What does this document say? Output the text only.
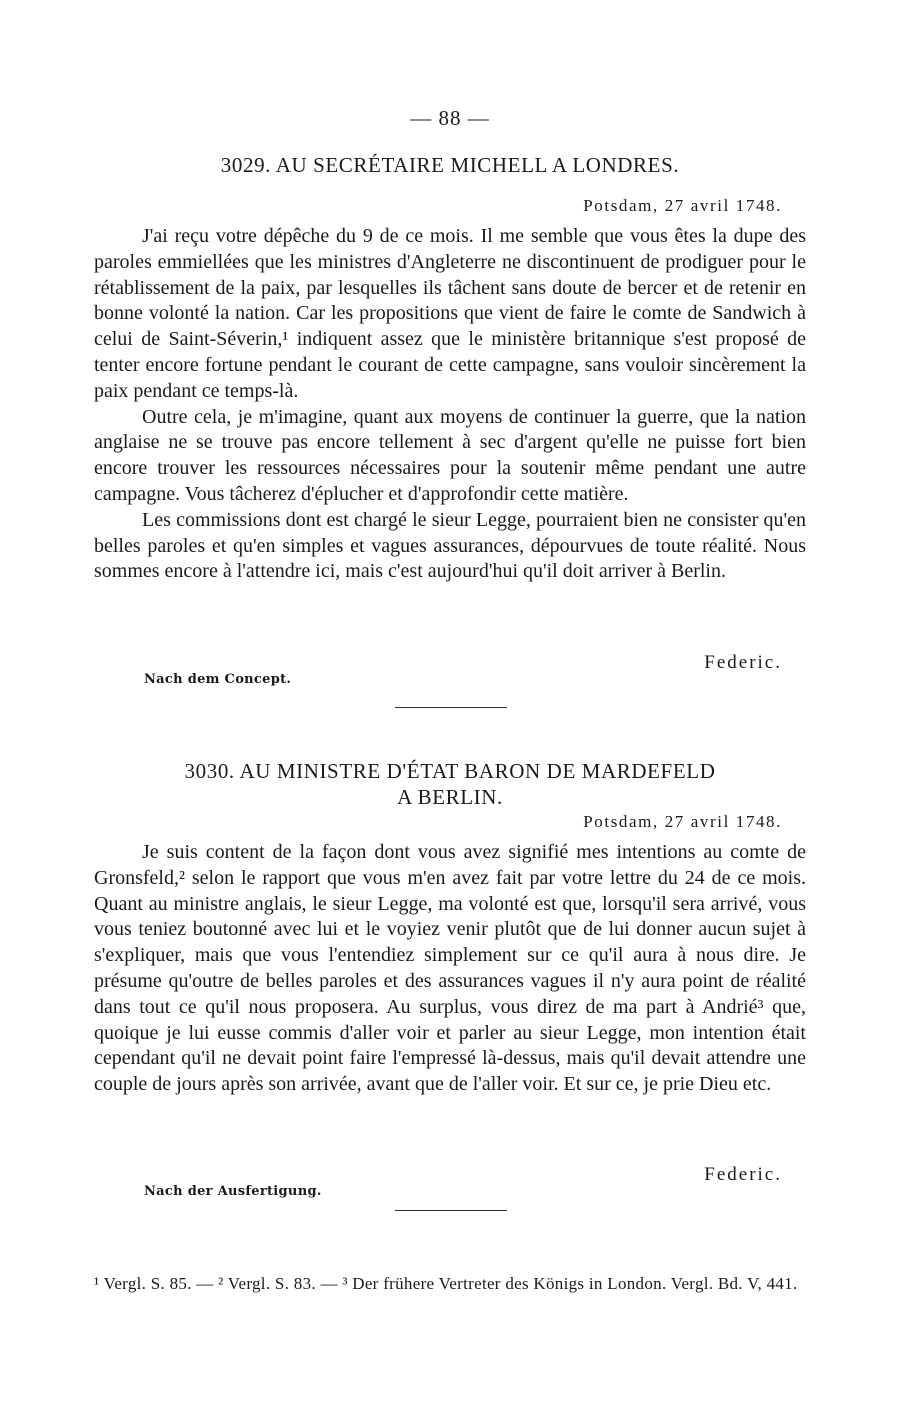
— 88 —
3029. AU SECRÉTAIRE MICHELL A LONDRES.
Potsdam, 27 avril 1748.

J'ai reçu votre dépêche du 9 de ce mois. Il me semble que vous êtes la dupe des paroles emmiellées que les ministres d'Angleterre ne discontinuent de prodiguer pour le rétablissement de la paix, par lesquelles ils tâchent sans doute de bercer et de retenir en bonne volonté la nation. Car les propositions que vient de faire le comte de Sandwich à celui de Saint-Séverin,¹ indiquent assez que le ministère britannique s'est proposé de tenter encore fortune pendant le courant de cette campagne, sans vouloir sincèrement la paix pendant ce temps-là.

Outre cela, je m'imagine, quant aux moyens de continuer la guerre, que la nation anglaise ne se trouve pas encore tellement à sec d'argent qu'elle ne puisse fort bien encore trouver les ressources nécessaires pour la soutenir même pendant une autre campagne. Vous tâcherez d'éplucher et d'approfondir cette matière.

Les commissions dont est chargé le sieur Legge, pourraient bien ne consister qu'en belles paroles et qu'en simples et vagues assurances, dépourvues de toute réalité. Nous sommes encore à l'attendre ici, mais c'est aujourd'hui qu'il doit arriver à Berlin.

Federic.
Nach dem Concept.
3030. AU MINISTRE D'ÉTAT BARON DE MARDEFELD
A BERLIN.
Potsdam, 27 avril 1748.

Je suis content de la façon dont vous avez signifié mes intentions au comte de Gronsfeld,² selon le rapport que vous m'en avez fait par votre lettre du 24 de ce mois. Quant au ministre anglais, le sieur Legge, ma volonté est que, lorsqu'il sera arrivé, vous vous teniez boutonné avec lui et le voyiez venir plutôt que de lui donner aucun sujet à s'expliquer, mais que vous l'entendiez simplement sur ce qu'il aura à nous dire. Je présume qu'outre de belles paroles et des assurances vagues il n'y aura point de réalité dans tout ce qu'il nous proposera. Au surplus, vous direz de ma part à Andrié³ que, quoique je lui eusse commis d'aller voir et parler au sieur Legge, mon intention était cependant qu'il ne devait point faire l'empressé là-dessus, mais qu'il devait attendre une couple de jours après son arrivée, avant que de l'aller voir. Et sur ce, je prie Dieu etc.

Federic.
Nach der Ausfertigung.
¹ Vergl. S. 85. — ² Vergl. S. 83. — ³ Der frühere Vertreter des Königs in London. Vergl. Bd. V, 441.
